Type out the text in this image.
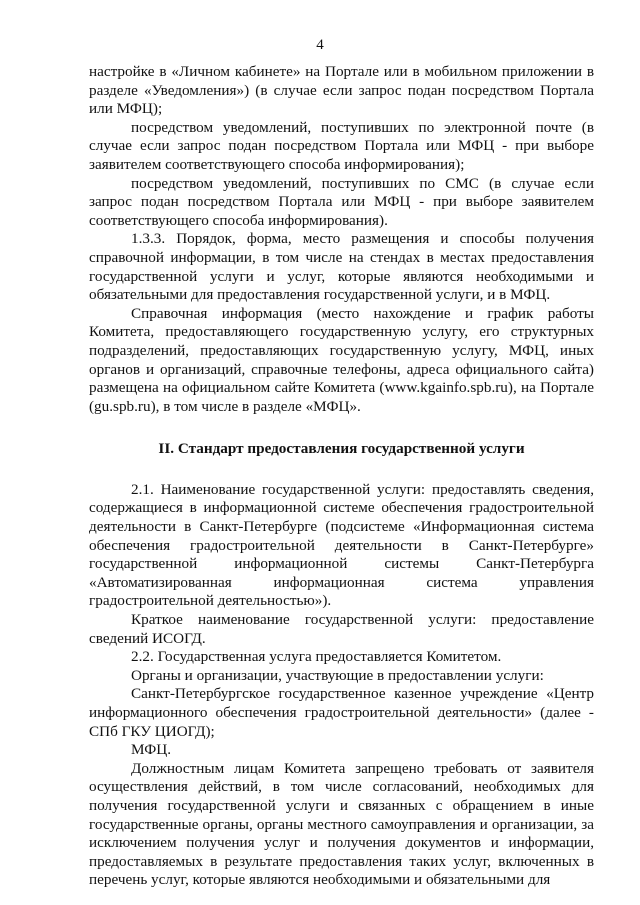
4

настройке в «Личном кабинете» на Портале или в мобильном приложении в разделе «Уведомления») (в случае если запрос подан посредством Портала или МФЦ);

посредством уведомлений, поступивших по электронной почте (в случае если запрос подан посредством Портала или МФЦ - при выборе заявителем соответствующего способа информирования);

посредством уведомлений, поступивших по СМС (в случае если запрос подан посредством Портала или МФЦ - при выборе заявителем соответствующего способа информирования).

1.3.3. Порядок, форма, место размещения и способы получения справочной информации, в том числе на стендах в местах предоставления государственной услуги и услуг, которые являются необходимыми и обязательными для предоставления государственной услуги, и в МФЦ.

Справочная информация (место нахождение и график работы Комитета, предоставляющего государственную услугу, его структурных подразделений, предоставляющих государственную услугу, МФЦ, иных органов и организаций, справочные телефоны, адреса официального сайта) размещена на официальном сайте Комитета (www.kgainfo.spb.ru), на Портале (gu.spb.ru), в том числе в разделе «МФЦ».

II. Стандарт предоставления государственной услуги

2.1. Наименование государственной услуги: предоставлять сведения, содержащиеся в информационной системе обеспечения градостроительной деятельности в Санкт-Петербурге (подсистеме «Информационная система обеспечения градостроительной деятельности в Санкт-Петербурге» государственной информационной системы Санкт-Петербурга «Автоматизированная информационная система управления градостроительной деятельностью»).

Краткое наименование государственной услуги: предоставление сведений ИСОГД.

2.2. Государственная услуга предоставляется Комитетом.

Органы и организации, участвующие в предоставлении услуги:

Санкт-Петербургское государственное казенное учреждение «Центр информационного обеспечения градостроительной деятельности» (далее - СПб ГКУ ЦИОГД);

МФЦ.

Должностным лицам Комитета запрещено требовать от заявителя осуществления действий, в том числе согласований, необходимых для получения государственной услуги и связанных с обращением в иные государственные органы, органы местного самоуправления и организации, за исключением получения услуг и получения документов и информации, предоставляемых в результате предоставления таких услуг, включенных в перечень услуг, которые являются необходимыми и обязательными для
